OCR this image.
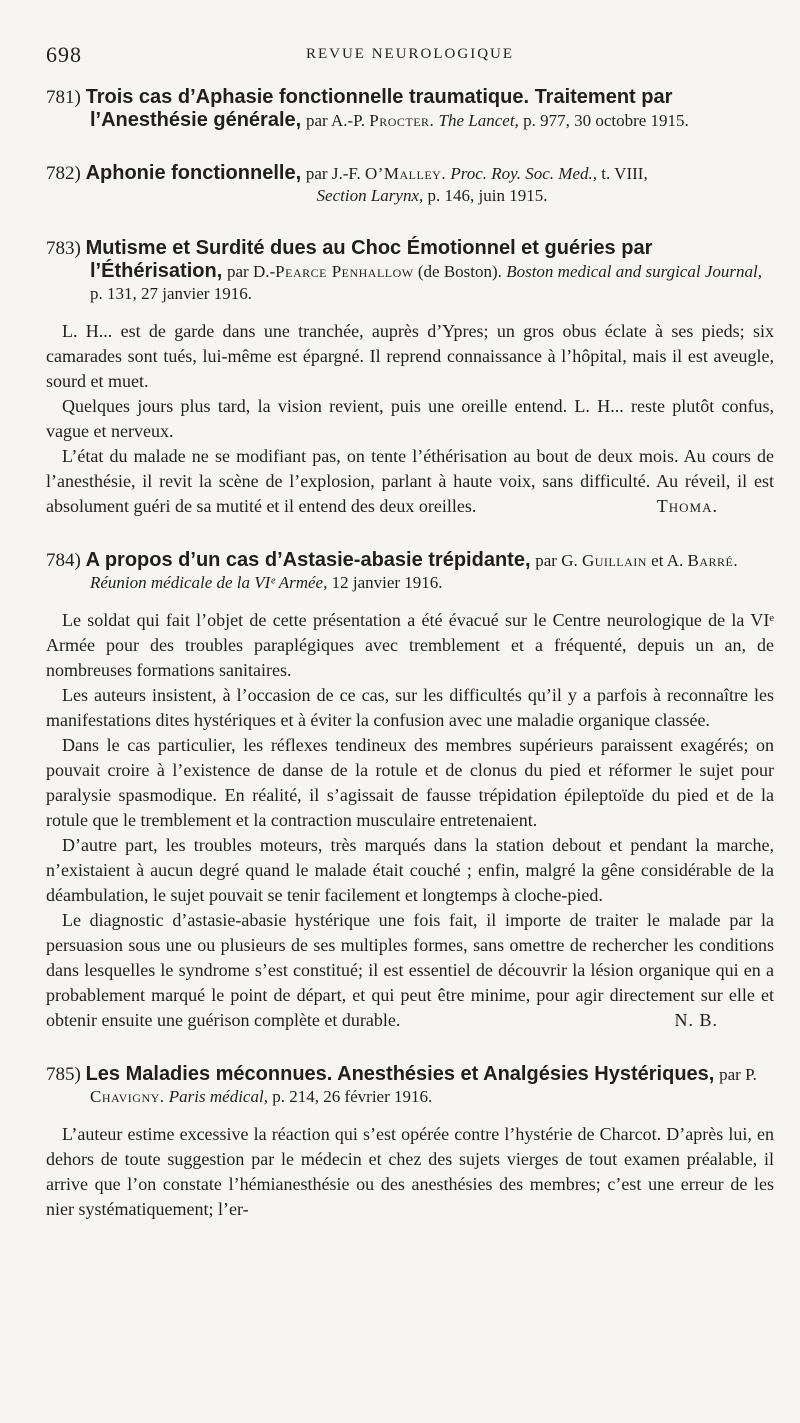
698	REVUE NEUROLOGIQUE
781) Trois cas d’Aphasie fonctionnelle traumatique. Traitement par l’Anesthésie générale, par A.-P. Procter. The Lancet, p. 977, 30 octobre 1915.
782) Aphonie fonctionnelle, par J.-F. O’Malley. Proc. Roy. Soc. Med., t. VIII,
Section Larynx, p. 146, juin 1915.
783) Mutisme et Surdité dues au Choc Émotionnel et guéries par l’Éthérisation, par D.-Pearce Penhallow (de Boston). Boston medical and surgical Journal, p. 131, 27 janvier 1916.

L. H... est de garde dans une tranchée, auprès d’Ypres; un gros obus éclate à ses pieds; six camarades sont tués, lui-même est épargné. Il reprend connaissance à l’hôpital, mais il est aveugle, sourd et muet.

Quelques jours plus tard, la vision revient, puis une oreille entend. L. H... reste plutôt confus, vague et nerveux.

L’état du malade ne se modifiant pas, on tente l’éthérisation au bout de deux mois. Au cours de l’anesthésie, il revit la scène de l’explosion, parlant à haute voix, sans difficulté. Au réveil, il est absolument guéri de sa mutité et il entend des deux oreilles.	Thoma.

784) A propos d’un cas d’Astasie-abasie trépidante, par G. Guillain et A. Barré. Réunion médicale de la VIᵉ Armée, 12 janvier 1916.

Le soldat qui fait l’objet de cette présentation a été évacué sur le Centre neurologique de la VIᵉ Armée pour des troubles paraplégiques avec tremblement et a fréquenté, depuis un an, de nombreuses formations sanitaires.

Les auteurs insistent, à l’occasion de ce cas, sur les difficultés qu’il y a parfois à reconnaître les manifestations dites hystériques et à éviter la confusion avec une maladie organique classée.

Dans le cas particulier, les réflexes tendineux des membres supérieurs paraissent exagérés; on pouvait croire à l’existence de danse de la rotule et de clonus du pied et réformer le sujet pour paralysie spasmodique. En réalité, il s’agissait de fausse trépidation épileptoïde du pied et de la rotule que le tremblement et la contraction musculaire entretenaient.

D’autre part, les troubles moteurs, très marqués dans la station debout et pendant la marche, n’existaient à aucun degré quand le malade était couché ; enfin, malgré la gêne considérable de la déambulation, le sujet pouvait se tenir facilement et longtemps à cloche-pied.

Le diagnostic d’astasie-abasie hystérique une fois fait, il importe de traiter le malade par la persuasion sous une ou plusieurs de ses multiples formes, sans omettre de rechercher les conditions dans lesquelles le syndrome s’est constitué; il est essentiel de découvrir la lésion organique qui en a probablement marqué le point de départ, et qui peut être minime, pour agir directement sur elle et obtenir ensuite une guérison complète et durable.	N. B.

785) Les Maladies méconnues. Anesthésies et Analgésies Hystériques, par P. Chavigny. Paris médical, p. 214, 26 février 1916.

L’auteur estime excessive la réaction qui s’est opérée contre l’hystérie de Charcot. D’après lui, en dehors de toute suggestion par le médecin et chez des sujets vierges de tout examen préalable, il arrive que l’on constate l’hémianesthésie ou des anesthésies des membres; c’est une erreur de les nier systématiquement; l’er-
